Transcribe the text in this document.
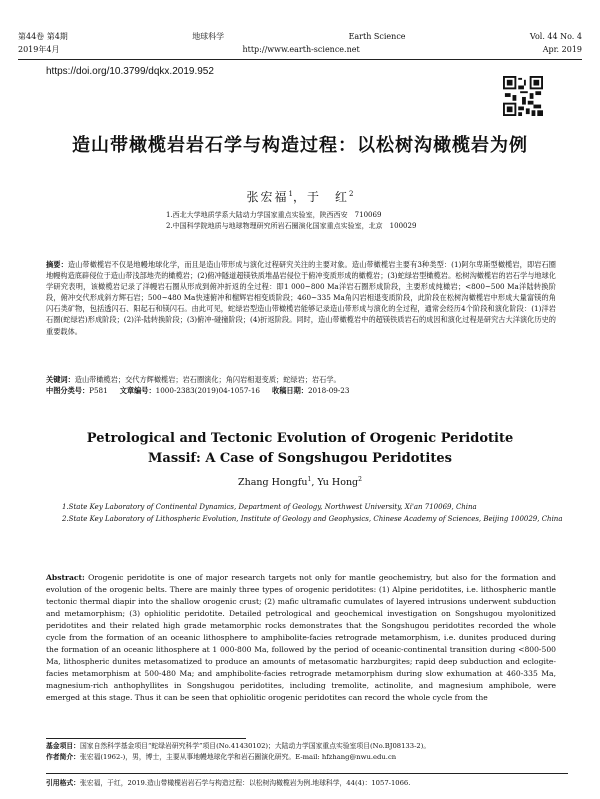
第44卷 第4期	地球科学	Earth Science	Vol. 44 No. 4
2019年4月	http://www.earth-science.net	Apr. 2019
https://doi.org/10.3799/dqkx.2019.952
造山带橄榄岩岩石学与构造过程：以松树沟橄榄岩为例
张宏福$^1$，于　红$^2$
1.西北大学地质学系大陆动力学国家重点实验室，陕西西安　710069
2.中国科学院地质与地球物理研究所岩石圈演化国家重点实验室，北京　100029
摘要：造山带橄榄岩不仅是地幔地球化学，而且是造山带形成与演化过程研究关注的主要对象。造山带橄榄岩主要有3种类型：(1)阿尔卑斯型橄榄岩，即岩石圈地幔构造底辟侵位于造山带浅部地壳的橄榄岩；(2)俯冲隧道超镁铁质堆晶岩侵位于俯冲变质形成的橄榄岩；(3)蛇绿岩型橄榄岩。松树沟橄榄岩的岩石学与地球化学研究表明，该橄榄岩记录了洋幔岩石圈从形成到俯冲折返的全过程：即1 000~800 Ma洋岩石圈形成阶段，主要形成纯橄岩；<800~500 Ma洋陆转换阶段，俯冲交代形成斜方辉石岩；500~480 Ma快速俯冲和榴辉岩相变质阶段；460~335 Ma角闪岩相退变质阶段，此阶段在松树沟橄榄岩中形成大量富镁的角闪石类矿物，包括透闪石、阳起石和镁闪石。由此可见，蛇绿岩型造山带橄榄岩能够记录造山带形成与演化的全过程，通常会经历4个阶段和演化阶段：(1)洋岩石圈(蛇绿岩)形成阶段；(2)洋-陆转换阶段；(3)俯冲-碰撞阶段；(4)折返阶段。同时，造山带橄榄岩中的超镁铁质岩石的成因和演化过程是研究古大洋演化历史的重要载体。
关键词：造山带橄榄岩；交代方辉橄榄岩；岩石圈演化；角闪岩相退变质；蛇绿岩；岩石学。
中图分类号：P581 文章编号：1000-2383(2019)04-1057-16 收稿日期：2018-09-23
Petrological and Tectonic Evolution of Orogenic Peridotite
Massif: A Case of Songshugou Peridotites
Zhang Hongfu$^1$, Yu Hong$^2$
1.State Key Laboratory of Continental Dynamics, Department of Geology, Northwest University, Xi'an 710069, China
2.State Key Laboratory of Lithospheric Evolution, Institute of Geology and Geophysics, Chinese Academy of Sciences, Beijing 100029, China
Abstract: Orogenic peridotite is one of major research targets not only for mantle geochemistry, but also for the formation and evolution of the orogenic belts. There are mainly three types of orogenic peridotites: (1) Alpine peridotites, i.e. lithospheric mantle tectonic thermal diapir into the shallow orogenic crust; (2) mafic ultramafic cumulates of layered intrusions underwent subduction and metamorphism; (3) ophiolitic peridotite. Detailed petrological and geochemical investigation on Songshugou myolonitized peridotites and their related high grade metamorphic rocks demonstrates that the Songshugou peridotites recorded the whole cycle from the formation of an oceanic lithosphere to amphibolite-facies retrograde metamorphism, i.e. dunites produced during the formation of an oceanic lithosphere at 1 000-800 Ma, followed by the period of oceanic-continental transition during <800-500 Ma, lithospheric dunites metasomatized to produce an amounts of metasomatic harzburgites; rapid deep subduction and eclogite-facies metamorphism at 500-480 Ma; and amphibolite-facies retrograde metamorphism during slow exhumation at 460-335 Ma, magnesium-rich anthophyllites in Songshugou peridotites, including tremolite, actinolite, and magnesium amphibole, were emerged at this stage. Thus it can be seen that ophiolitic orogenic peridotites can record the whole cycle from the
基金项目：国家自然科学基金项目“蛇绿岩研究科学”项目(No.41430102)；大陆动力学国家重点实验室项目(No.BJ08133-2)。
作者简介：张宏福(1962-)，男，博士，主要从事地幔地球化学和岩石圈演化研究。E-mail: hfzhang@nwu.edu.cn
引用格式：张宏福，于红，2019.造山带橄榄岩岩石学与构造过程：以松树沟橄榄岩为例.地球科学，44(4)：1057-1066.
